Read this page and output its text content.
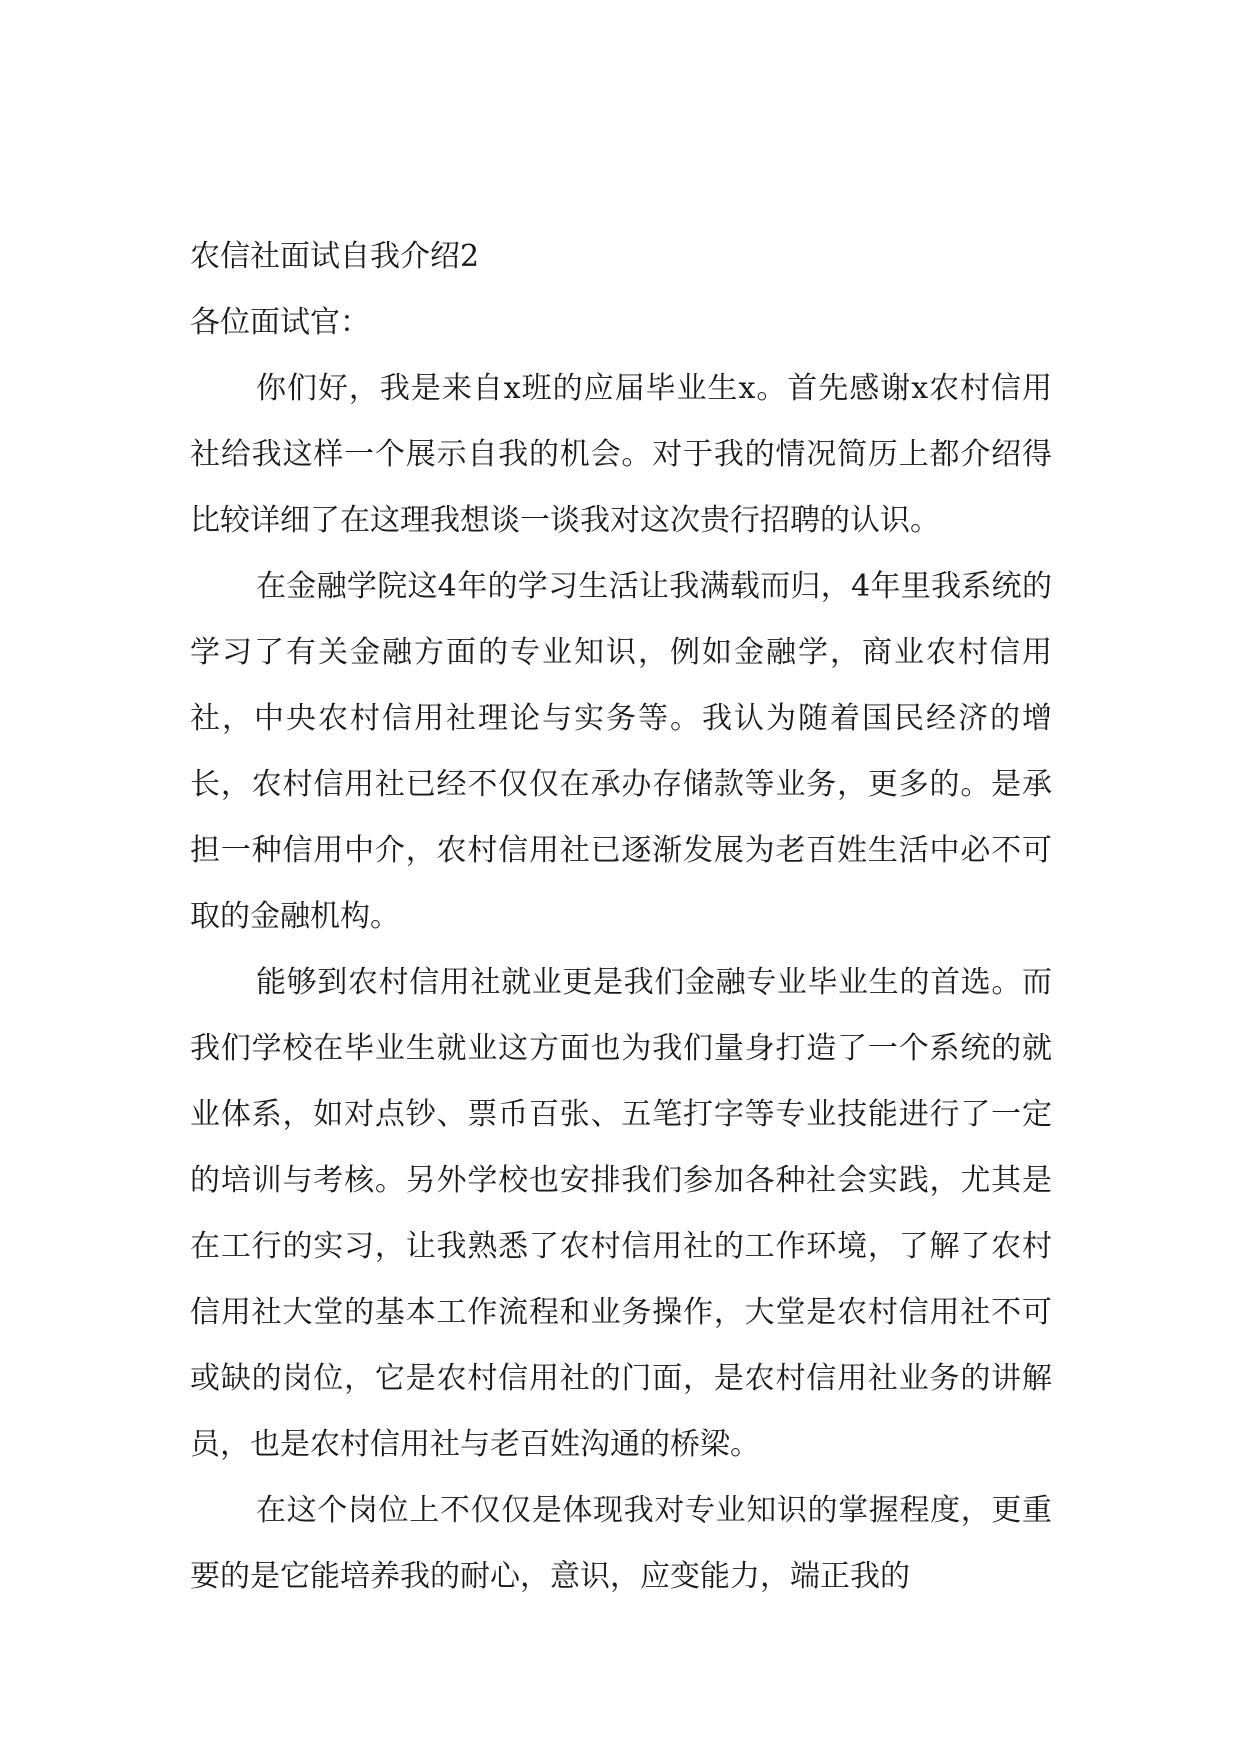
农信社面试自我介绍2

各位面试官：

你们好，我是来自x班的应届毕业生x。首先感谢x农村信用社给我这样一个展示自我的机会。对于我的情况简历上都介绍得比较详细了在这理我想谈一谈我对这次贵行招聘的认识。

在金融学院这4年的学习生活让我满载而归，4年里我系统的学习了有关金融方面的专业知识，例如金融学，商业农村信用社，中央农村信用社理论与实务等。我认为随着国民经济的增长，农村信用社已经不仅仅在承办存储款等业务，更多的。是承担一种信用中介，农村信用社已逐渐发展为老百姓生活中必不可取的金融机构。

能够到农村信用社就业更是我们金融专业毕业生的首选。而我们学校在毕业生就业这方面也为我们量身打造了一个系统的就业体系，如对点钞、票币百张、五笔打字等专业技能进行了一定的培训与考核。另外学校也安排我们参加各种社会实践，尤其是在工行的实习，让我熟悉了农村信用社的工作环境，了解了农村信用社大堂的基本工作流程和业务操作，大堂是农村信用社不可或缺的岗位，它是农村信用社的门面，是农村信用社业务的讲解员，也是农村信用社与老百姓沟通的桥梁。

在这个岗位上不仅仅是体现我对专业知识的掌握程度，更重要的是它能培养我的耐心，意识，应变能力，端正我的
